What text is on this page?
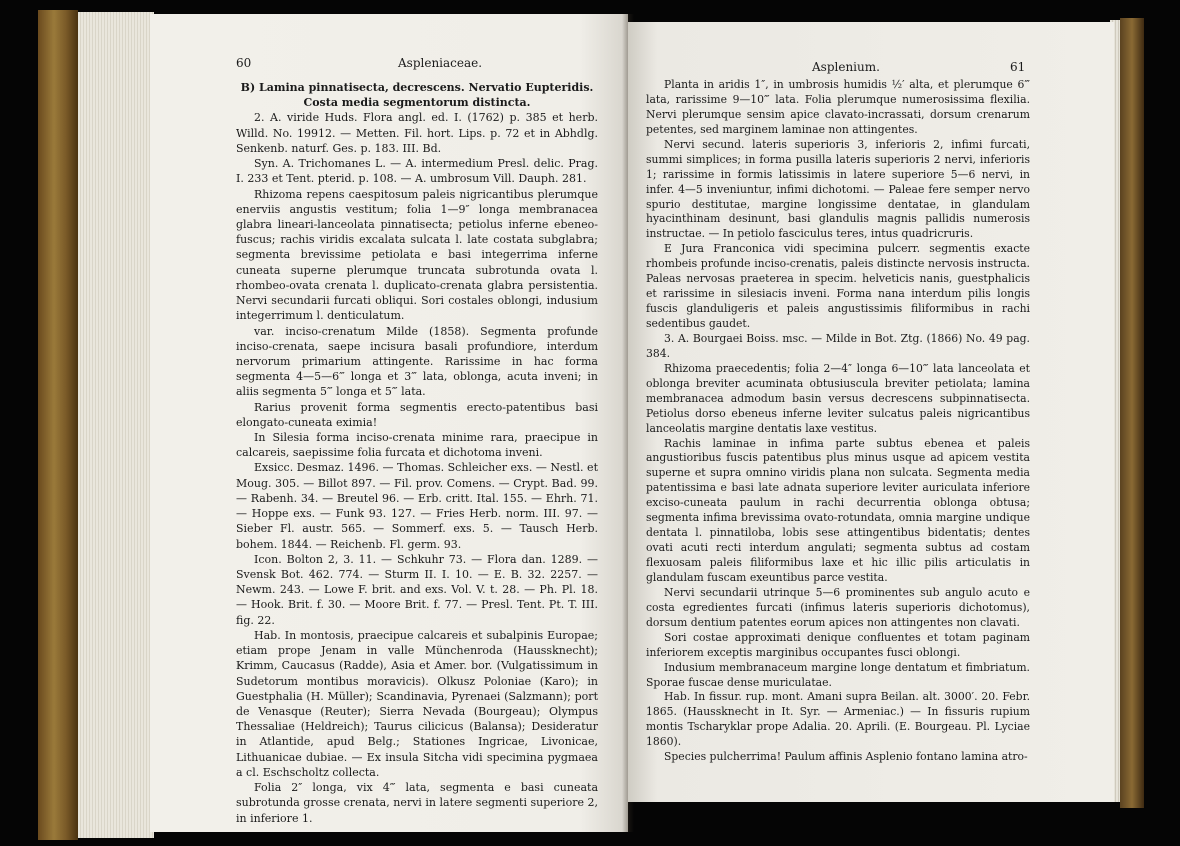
60	Aspleniaceae.

B) Lamina pinnatisecta, decrescens. Nervatio Eupteridis. Costa media segmentorum distincta.

2. A. viride Huds. Flora angl. ed. I. (1762) p. 385 et herb. Willd. No. 19912. — Metten. Fil. hort. Lips. p. 72 et in Abhdlg. Senkenb. naturf. Ges. p. 183. III. Bd.

Syn. A. Trichomanes L. — A. intermedium Presl. delic. Prag. I. 233 et Tent. pterid. p. 108. — A. umbrosum Vill. Dauph. 281.

Rhizoma repens caespitosum paleis nigricantibus plerumque enerviis angustis vestitum; folia 1—9″ longa membranacea glabra lineari-lanceolata pinnatisecta; petiolus inferne ebeneo-fuscus; rachis viridis excalata sulcata l. late costata subglabra; segmenta brevissime petiolata e basi integerrima inferne cuneata superne plerumque truncata subrotunda ovata l. rhombeo-ovata crenata l. duplicato-crenata glabra persistentia. Nervi secundarii furcati obliqui. Sori costales oblongi, indusium integerrimum l. denticulatum.

var. inciso-crenatum Milde (1858). Segmenta profunde inciso-crenata, saepe incisura basali profundiore, interdum nervorum primarium attingente. Rarissime in hac forma segmenta 4—5—6‴ longa et 3‴ lata, oblonga, acuta inveni; in aliis segmenta 5‴ longa et 5‴ lata.

Rarius provenit forma segmentis erecto-patentibus basi elongato-cuneata eximia!

In Silesia forma inciso-crenata minime rara, praecipue in calcareis, saepissime folia furcata et dichotoma inveni.

Exsicc. Desmaz. 1496. — Thomas. Schleicher exs. — Nestl. et Moug. 305. — Billot 897. — Fil. prov. Comens. — Crypt. Bad. 99. — Rabenh. 34. — Breutel 96. — Erb. critt. Ital. 155. — Ehrh. 71. — Hoppe exs. — Funk 93. 127. — Fries Herb. norm. III. 97. — Sieber Fl. austr. 565. — Sommerf. exs. 5. — Tausch Herb. bohem. 1844. — Reichenb. Fl. germ. 93.

Icon. Bolton 2, 3. 11. — Schkuhr 73. — Flora dan. 1289. — Svensk Bot. 462. 774. — Sturm II. I. 10. — E. B. 32. 2257. — Newm. 243. — Lowe F. brit. and exs. Vol. V. t. 28. — Ph. Pl. 18. — Hook. Brit. f. 30. — Moore Brit. f. 77. — Presl. Tent. Pt. T. III. fig. 22.

Hab. In montosis, praecipue calcareis et subalpinis Europae; etiam prope Jenam in valle Münchenroda (Haussknecht); Krimm, Caucasus (Radde), Asia et Amer. bor. (Vulgatissimum in Sudetorum montibus moravicis). Olkusz Poloniae (Karo); in Guestphalia (H. Müller); Scandinavia, Pyrenaei (Salzmann); port de Venasque (Reuter); Sierra Nevada (Bourgeau); Olympus Thessaliae (Heldreich); Taurus cilicicus (Balansa); Desideratur in Atlantide, apud Belg.; Stationes Ingricae, Livonicae, Lithuanicae dubiae. — Ex insula Sitcha vidi specimina pygmaea a cl. Eschscholtz collecta.

Folia 2″ longa, vix 4‴ lata, segmenta e basi cuneata subrotunda grosse crenata, nervi in latere segmenti superiore 2, in inferiore 1.

Asplenium.	61

Planta in aridis 1″, in umbrosis humidis ½′ alta, et plerumque 6‴ lata, rarissime 9—10‴ lata. Folia plerumque numerosissima flexilia. Nervi plerumque sensim apice clavato-incrassati, dorsum crenarum petentes, sed marginem laminae non attingentes.

Nervi secund. lateris superioris 3, inferioris 2, infimi furcati, summi simplices; in forma pusilla lateris superioris 2 nervi, inferioris 1; rarissime in formis latissimis in latere superiore 5—6 nervi, in infer. 4—5 inveniuntur, infimi dichotomi. — Paleae fere semper nervo spurio destitutae, margine longissime dentatae, in glandulam hyacinthinam desinunt, basi glandulis magnis pallidis numerosis instructae. — In petiolo fasciculus teres, intus quadricruris.

E Jura Franconica vidi specimina pulcerr. segmentis exacte rhombeis profunde inciso-crenatis, paleis distincte nervosis instructa. Paleas nervosas praeterea in specim. helveticis nanis, guestphalicis et rarissime in silesiacis inveni. Forma nana interdum pilis longis fuscis glanduligeris et paleis angustissimis filiformibus in rachi sedentibus gaudet.

3. A. Bourgaei Boiss. msc. — Milde in Bot. Ztg. (1866) No. 49 pag. 384.

Rhizoma praecedentis; folia 2—4″ longa 6—10‴ lata lanceolata et oblonga breviter acuminata obtusiuscula breviter petiolata; lamina membranacea admodum basin versus decrescens subpinnatisecta. Petiolus dorso ebeneus inferne leviter sulcatus paleis nigricantibus lanceolatis margine dentatis laxe vestitus.

Rachis laminae in infima parte subtus ebenea et paleis angustioribus fuscis patentibus plus minus usque ad apicem vestita superne et supra omnino viridis plana non sulcata. Segmenta media patentissima e basi late adnata superiore leviter auriculata inferiore exciso-cuneata paulum in rachi decurrentia oblonga obtusa; segmenta infima brevissima ovato-rotundata, omnia margine undique dentata l. pinnatiloba, lobis sese attingentibus bidentatis; dentes ovati acuti recti interdum angulati; segmenta subtus ad costam flexuosam paleis filiformibus laxe et hic illic pilis articulatis in glandulam fuscam exeuntibus parce vestita.

Nervi secundarii utrinque 5—6 prominentes sub angulo acuto e costa egredientes furcati (infimus lateris superioris dichotomus), dorsum dentium patentes eorum apices non attingentes non clavati.

Sori costae approximati denique confluentes et totam paginam inferiorem exceptis marginibus occupantes fusci oblongi.

Indusium membranaceum margine longe dentatum et fimbriatum. Sporae fuscae dense muriculatae.

Hab. In fissur. rup. mont. Amani supra Beilan. alt. 3000′. 20. Febr. 1865. (Haussknecht in It. Syr. — Armeniac.) — In fissuris rupium montis Tscharyklar prope Adalia. 20. Aprili. (E. Bourgeau. Pl. Lyciae 1860).

Species pulcherrima! Paulum affinis Asplenio fontano lamina atro-
